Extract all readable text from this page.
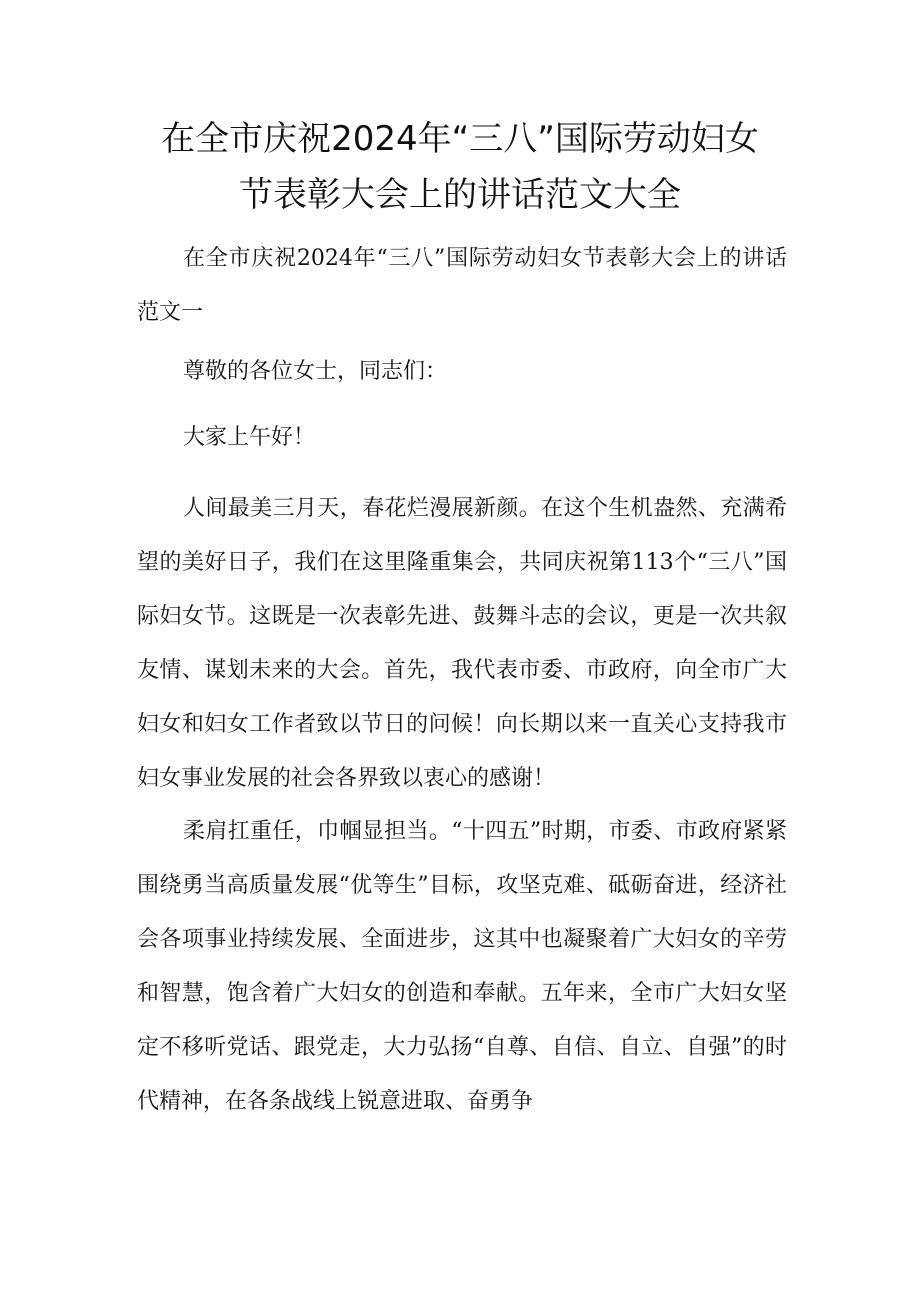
在全市庆祝2024年“三八”国际劳动妇女
节表彰大会上的讲话范文大全

在全市庆祝2024年“三八”国际劳动妇女节表彰大会上的讲话范文一

尊敬的各位女士，同志们：

大家上午好！

人间最美三月天，春花烂漫展新颜。在这个生机盎然、充满希望的美好日子，我们在这里隆重集会，共同庆祝第113个“三八”国际妇女节。这既是一次表彰先进、鼓舞斗志的会议，更是一次共叙友情、谋划未来的大会。首先，我代表市委、市政府，向全市广大妇女和妇女工作者致以节日的问候！向长期以来一直关心支持我市妇女事业发展的社会各界致以衷心的感谢！

柔肩扛重任，巾帼显担当。“十四五”时期，市委、市政府紧紧围绕勇当高质量发展“优等生”目标，攻坚克难、砥砺奋进，经济社会各项事业持续发展、全面进步，这其中也凝聚着广大妇女的辛劳和智慧，饱含着广大妇女的创造和奉献。五年来，全市广大妇女坚定不移听党话、跟党走，大力弘扬“自尊、自信、自立、自强”的时代精神，在各条战线上锐意进取、奋勇争
